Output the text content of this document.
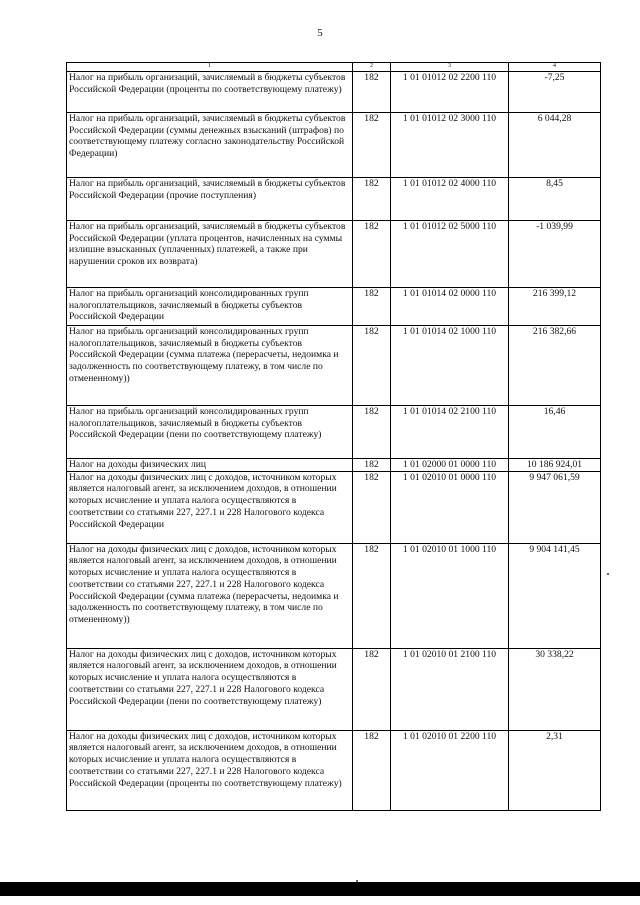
5
1	2	3	4
Налог на прибыль организаций, зачисляемый в бюджеты субъектов Российской Федерации (проценты по соответствующему платежу)	182	1 01 01012 02 2200 110	-7,25
Налог на прибыль организаций, зачисляемый в бюджеты субъектов Российской Федерации (суммы денежных взысканий (штрафов) по соответствующему платежу согласно законодательству Российской Федерации)	182	1 01 01012 02 3000 110	6 044,28
Налог на прибыль организаций, зачисляемый в бюджеты субъектов Российской Федерации (прочие поступления)	182	1 01 01012 02 4000 110	8,45
Налог на прибыль организаций, зачисляемый в бюджеты субъектов Российской Федерации (уплата процентов, начисленных на суммы излишне взысканных (уплаченных) платежей, а также при нарушении сроков их возврата)	182	1 01 01012 02 5000 110	-1 039,99
Налог на прибыль организаций консолидированных групп налогоплательщиков, зачисляемый в бюджеты субъектов Российской Федерации	182	1 01 01014 02 0000 110	216 399,12
Налог на прибыль организаций консолидированных групп налогоплательщиков, зачисляемый в бюджеты субъектов Российской Федерации (сумма платежа (перерасчеты, недоимка и задолженность по соответствующему платежу, в том числе по отмененному))	182	1 01 01014 02 1000 110	216 382,66
Налог на прибыль организаций консолидированных групп налогоплательщиков, зачисляемый в бюджеты субъектов Российской Федерации (пени по соответствующему платежу)	182	1 01 01014 02 2100 110	16,46
Налог на доходы физических лиц	182	1 01 02000 01 0000 110	10 186 924,01
Налог на доходы физических лиц с доходов, источником которых является налоговый агент, за исключением доходов, в отношении которых исчисление и уплата налога осуществляются в соответствии со статьями 227, 227.1 и 228 Налогового кодекса Российской Федерации	182	1 01 02010 01 0000 110	9 947 061,59
Налог на доходы физических лиц с доходов, источником которых является налоговый агент, за исключением доходов, в отношении которых исчисление и уплата налога осуществляются в соответствии со статьями 227, 227.1 и 228 Налогового кодекса Российской Федерации (сумма платежа (перерасчеты, недоимка и задолженность по соответствующему платежу, в том числе по отмененному))	182	1 01 02010 01 1000 110	9 904 141,45
Налог на доходы физических лиц с доходов, источником которых является налоговый агент, за исключением доходов, в отношении которых исчисление и уплата налога осуществляются в соответствии со статьями 227, 227.1 и 228 Налогового кодекса Российской Федерации (пени по соответствующему платежу)	182	1 01 02010 01 2100 110	30 338,22
Налог на доходы физических лиц с доходов, источником которых является налоговый агент, за исключением доходов, в отношении которых исчисление и уплата налога осуществляются в соответствии со статьями 227, 227.1 и 228 Налогового кодекса Российской Федерации (проценты по соответствующему платежу)	182	1 01 02010 01 2200 110	2,31
